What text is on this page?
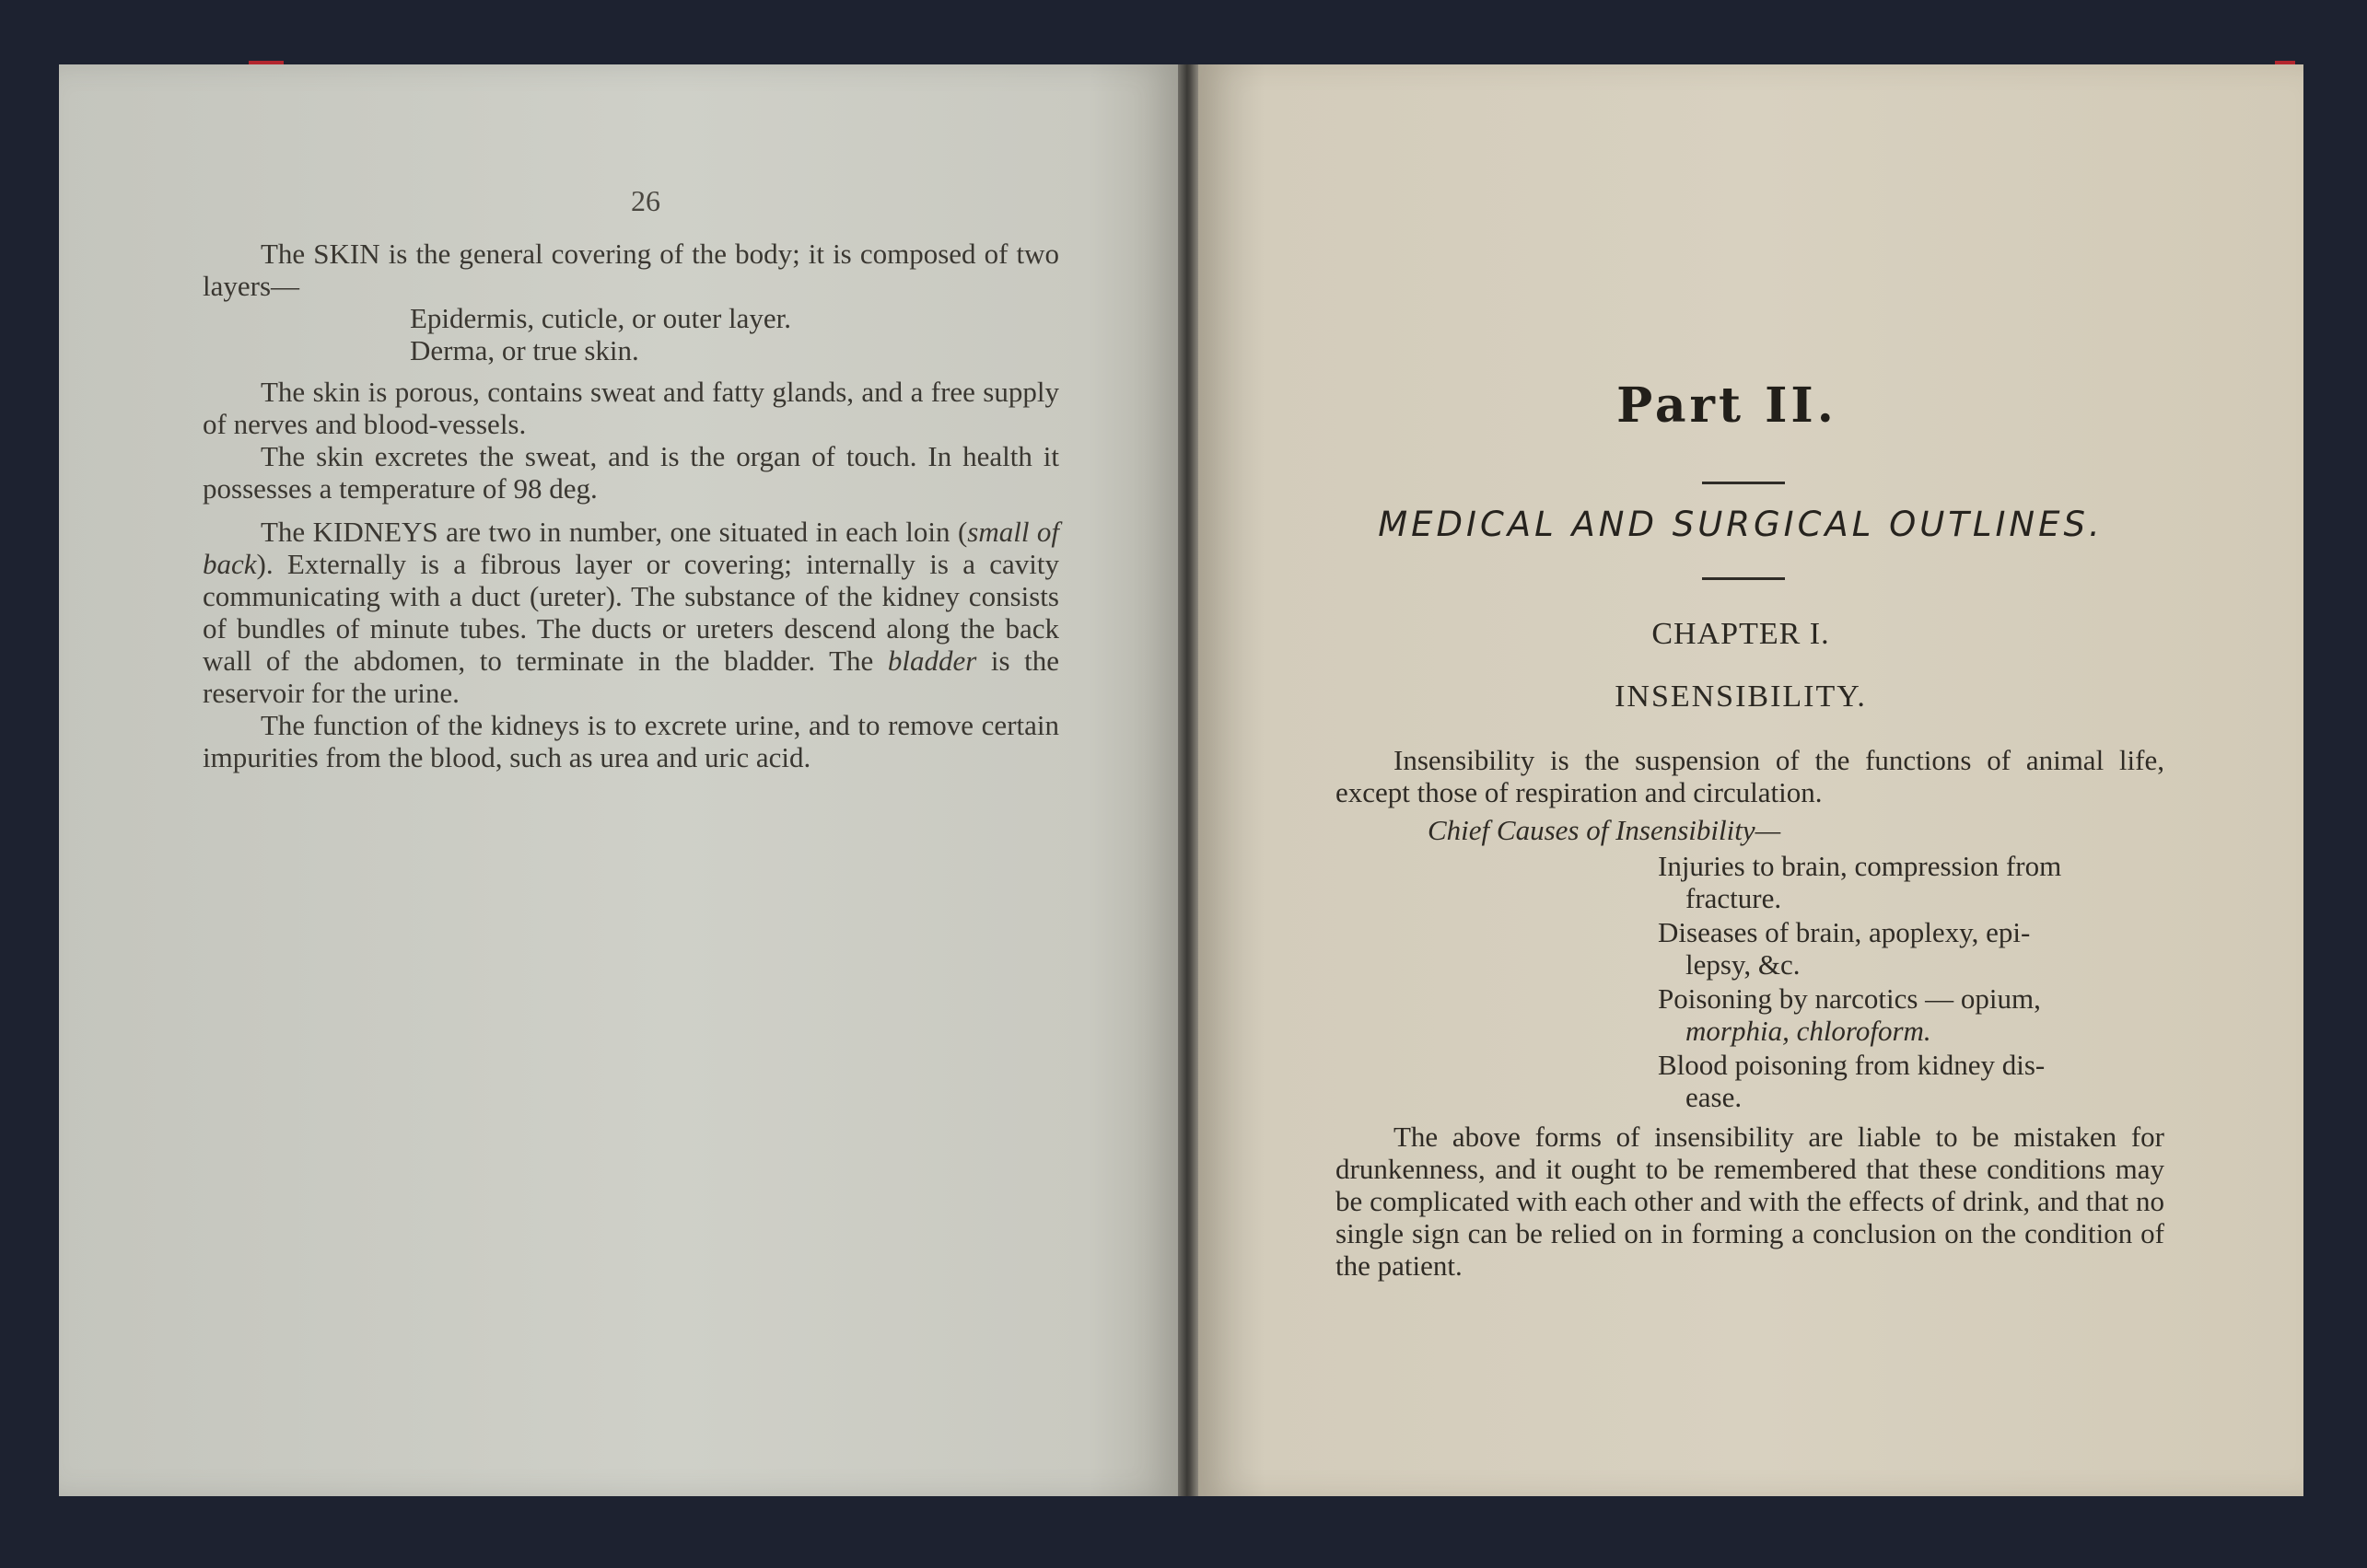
26

The SKIN is the general covering of the body; it is composed of two layers—

Epidermis, cuticle, or outer layer.

Derma, or true skin.

The skin is porous, contains sweat and fatty glands, and a free supply of nerves and blood-vessels.

The skin excretes the sweat, and is the organ of touch. In health it possesses a temperature of 98 deg.

The KIDNEYS are two in number, one situated in each loin (small of back). Externally is a fibrous layer or covering; internally is a cavity communicating with a duct (ureter). The substance of the kidney consists of bundles of minute tubes. The ducts or ureters descend along the back wall of the abdomen, to terminate in the bladder. The bladder is the reservoir for the urine.

The function of the kidneys is to excrete urine, and to remove certain impurities from the blood, such as urea and uric acid.

Part II.
MEDICAL AND SURGICAL OUTLINES.
CHAPTER I.
INSENSIBILITY.

Insensibility is the suspension of the functions of animal life, except those of respiration and circulation.

Chief Causes of Insensibility—

Injuries to brain, compression from
fracture.
Diseases of brain, apoplexy, epi-
lepsy, &c.
Poisoning by narcotics — opium,
morphia, chloroform.
Blood poisoning from kidney dis-
ease.

The above forms of insensibility are liable to be mistaken for drunkenness, and it ought to be remembered that these conditions may be complicated with each other and with the effects of drink, and that no single sign can be relied on in forming a conclusion on the condition of the patient.
